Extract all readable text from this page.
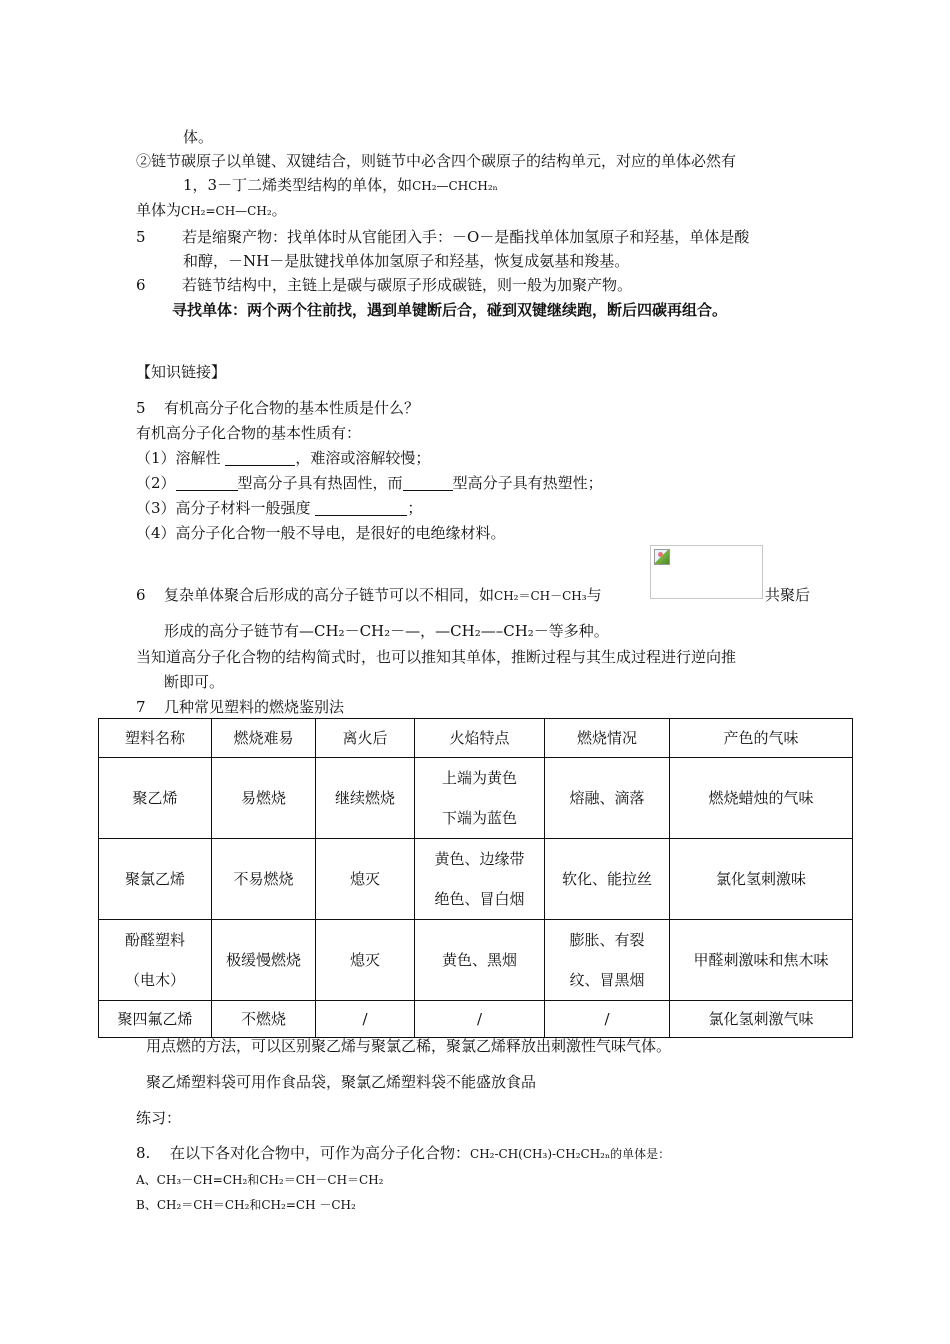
体。
②链节碳原子以单键、双键结合，则链节中必含四个碳原子的结构单元，对应的单体必然有
1，3－丁二烯类型结构的单体，如CH₂—CHCH₂ₙ
单体为CH₂=CH—CH₂。
5 若是缩聚产物：找单体时从官能团入手：－O－是酯找单体加氢原子和羟基，单体是酸
和醇，－NH－是肽键找单体加氢原子和羟基，恢复成氨基和羧基。
6 若链节结构中，主链上是碳与碳原子形成碳链，则一般为加聚产物。
寻找单体：两个两个往前找，遇到单键断后合，碰到双键继续跑，断后四碳再组合。
【知识链接】
5 有机高分子化合物的基本性质是什么？
有机高分子化合物的基本性质有：
（1）溶解性	，难溶或溶解较慢；
（2）	型高分子具有热固性，而	型高分子具有热塑性；
（3）高分子材料一般强度	；
（4）高分子化合物一般不导电，是很好的电绝缘材料。
6 复杂单体聚合后形成的高分子链节可以不相同，如CH₂＝CH－CH₃与	共聚后
形成的高分子链节有—CH₂－CH₂－—，—CH₂—–CH₂－等多种。
当知道高分子化合物的结构简式时，也可以推知其单体，推断过程与其生成过程进行逆向推
断即可。
7 几种常见塑料的燃烧鉴别法
塑料名称	燃烧难易	离火后	火焰特点	燃烧情况	产色的气味
聚乙烯	易燃烧	继续燃烧	上端为黄色
下端为蓝色	熔融、滴落	燃烧蜡烛的气味
聚氯乙烯	不易燃烧	熄灭	黄色、边缘带
绝色、冒白烟	软化、能拉丝	氯化氢刺激味

酚醛塑料
（电木）	极缓慢燃烧	熄灭	黄色、黑烟	膨胀、有裂
纹、冒黑烟	甲醛刺激味和焦木味
聚四氟乙烯	不燃烧	/	/	/	氯化氢刺激气味
用点燃的方法，可以区别聚乙烯与聚氯乙稀，聚氯乙烯释放出刺激性气味气体。
聚乙烯塑料袋可用作食品袋，聚氯乙烯塑料袋不能盛放食品
练习：
8. 在以下各对化合物中，可作为高分子化合物：CH₂-CH(CH₃)-CH₂CH₂ₙ的单体是：
A、CH₃－CH=CH₂和CH₂＝CH－CH＝CH₂
B、CH₂＝CH＝CH₂和CH₂=CH －CH₂
